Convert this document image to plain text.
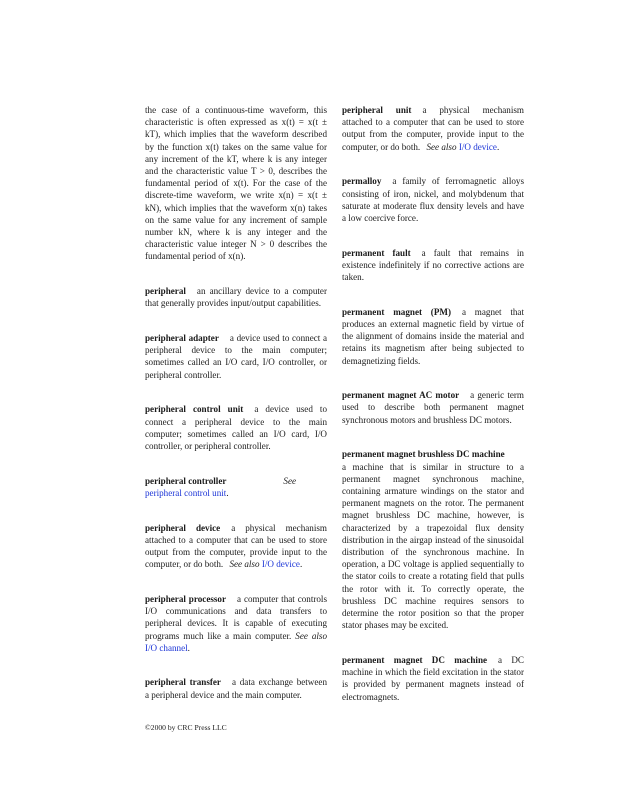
the case of a continuous-time waveform, this characteristic is often expressed as x(t) = x(t ± kT), which implies that the waveform described by the function x(t) takes on the same value for any increment of the kT, where k is any integer and the characteristic value T > 0, describes the fundamental period of x(t). For the case of the discrete-time waveform, we write x(n) = x(t ± kN), which implies that the waveform x(n) takes on the same value for any increment of sample number kN, where k is any integer and the characteristic value integer N > 0 describes the fundamental period of x(n).

peripheral an ancillary device to a computer that generally provides input/output capabilities.

peripheral adapter a device used to connect a peripheral device to the main computer; sometimes called an I/O card, I/O controller, or peripheral controller.

peripheral control unit a device used to connect a peripheral device to the main computer; sometimes called an I/O card, I/O controller, or peripheral controller.

peripheral controller	See peripheral control unit.

peripheral device a physical mechanism attached to a computer that can be used to store output from the computer, provide input to the computer, or do both. See also I/O device.

peripheral processor a computer that controls I/O communications and data transfers to peripheral devices. It is capable of executing programs much like a main computer. See also I/O channel.

peripheral transfer a data exchange between a peripheral device and the main computer.

peripheral unit a physical mechanism attached to a computer that can be used to store output from the computer, provide input to the computer, or do both. See also I/O device.

permalloy a family of ferromagnetic alloys consisting of iron, nickel, and molybdenum that saturate at moderate flux density levels and have a low coercive force.

permanent fault a fault that remains in existence indefinitely if no corrective actions are taken.

permanent magnet (PM) a magnet that produces an external magnetic field by virtue of the alignment of domains inside the material and retains its magnetism after being subjected to demagnetizing fields.

permanent magnet AC motor a generic term used to describe both permanent magnet synchronous motors and brushless DC motors.

permanent magnet brushless DC machine
a machine that is similar in structure to a permanent magnet synchronous machine, containing armature windings on the stator and permanent magnets on the rotor. The permanent magnet brushless DC machine, however, is characterized by a trapezoidal flux density distribution in the airgap instead of the sinusoidal distribution of the synchronous machine. In operation, a DC voltage is applied sequentially to the stator coils to create a rotating field that pulls the rotor with it. To correctly operate, the brushless DC machine requires sensors to determine the rotor position so that the proper stator phases may be excited.

permanent magnet DC machine a DC machine in which the field excitation in the stator is provided by permanent magnets instead of electromagnets.

©2000 by CRC Press LLC
